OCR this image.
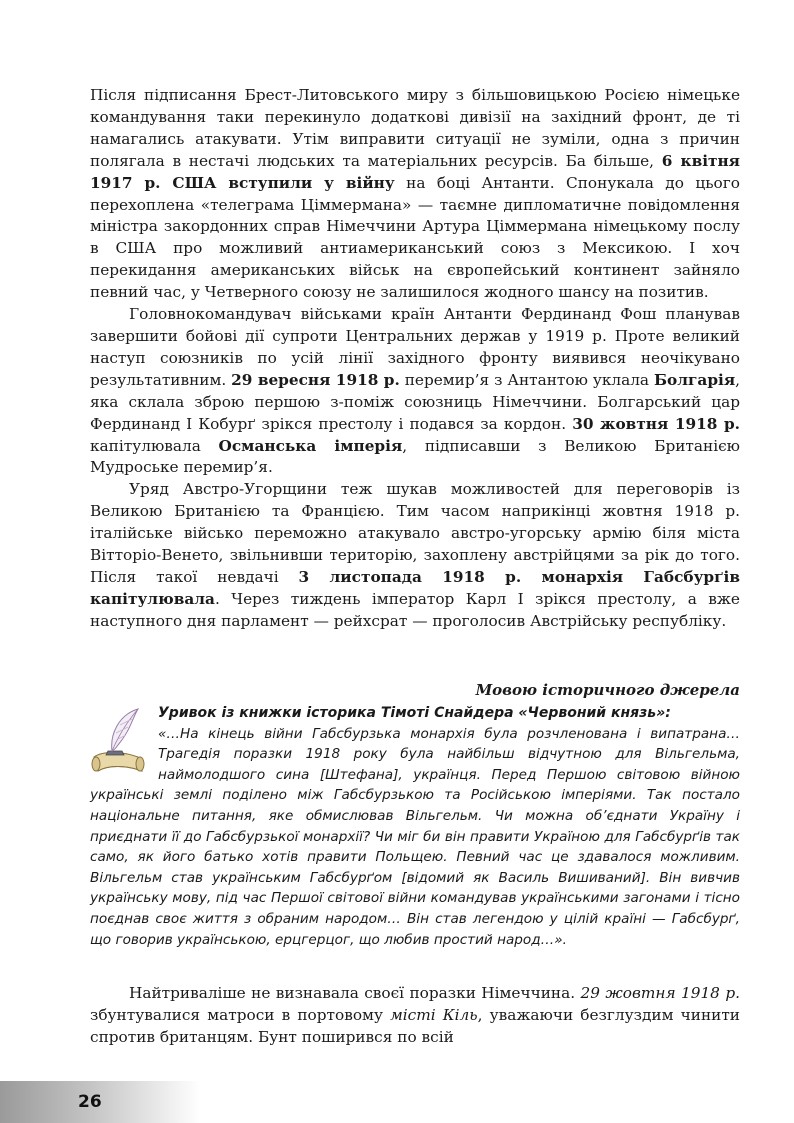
Після підписання Брест-Литовського миру з більшовицькою Росією німецьке командування таки перекинуло додаткові дивізії на західний фронт, де ті намагались атакувати. Утім виправити ситуації не зуміли, одна з причин полягала в нестачі людських та матеріальних ресурсів. Ба більше, 6 квітня 1917 р. США вступили у війну на боці Антанти. Спонукала до цього перехоплена «телеграма Ціммермана» — таємне дипломатичне повідомлення міністра закордонних справ Німеччини Артура Ціммермана німецькому послу в США про можливий антиамериканський союз з Мексикою. І хоч перекидання американських військ на європейський континент зайняло певний час, у Четверного союзу не залишилося жодного шансу на позитив.

Головнокомандувач військами країн Антанти Фердинанд Фош планував завершити бойові дії супроти Центральних держав у 1919 р. Проте великий наступ союзників по усій лінії західного фронту виявився неочікувано результативним. 29 вересня 1918 р. перемир’я з Антантою уклала Болгарія, яка склала зброю першою з-поміж союзниць Німеччини. Болгарський цар Фердинанд I Кобурґ зрікся престолу і подався за кордон. 30 жовтня 1918 р. капітулювала Османська імперія, підписавши з Великою Британією Мудроське перемир’я.

Уряд Австро-Угорщини теж шукав можливостей для переговорів із Великою Британією та Францією. Тим часом наприкінці жовтня 1918 р. італійське військо переможно атакувало австро-угорську армію біля міста Вітторіо-Венето, звільнивши територію, захоплену австрійцями за рік до того. Після такої невдачі 3 листопада 1918 р. монархія Габсбурґів капітулювала. Через тиждень імператор Карл I зрікся престолу, а вже наступного дня парламент — рейхсрат — проголосив Австрійську республіку.

Мовою історичного джерела
Уривок із книжки історика Тімоті Снайдера «Червоний князь»:
«…На кінець війни Габсбурзька монархія була розчленована і випатрана… Трагедія поразки 1918 року була найбільш відчутною для Вільгельма, наймолодшого сина [Штефана], українця. Перед Першою світовою війною українські землі поділено між Габсбурзькою та Російською імперіями. Так постало національне питання, яке обмислював Вільгельм. Чи можна об’єднати Україну і приєднати її до Габсбурзької монархії? Чи міг би він правити Україною для Габсбурґів так само, як його батько хотів правити Польщею. Певний час це здавалося можливим. Вільгельм став українським Габсбурґом [відомий як Василь Вишиваний]. Він вивчив українську мову, під час Першої світової війни командував українськими загонами і тісно поєднав своє життя з обраним народом… Він став легендою у цілій країні — Габсбурґ, що говорив українською, ерцгерцог, що любив простий народ…».

Найтриваліше не визнавала своєї поразки Німеччина. 29 жовтня 1918 р. збунтувалися матроси в портовому місті Кіль, уважаючи безглуздим чинити спротив британцям. Бунт поширився по всій

26
